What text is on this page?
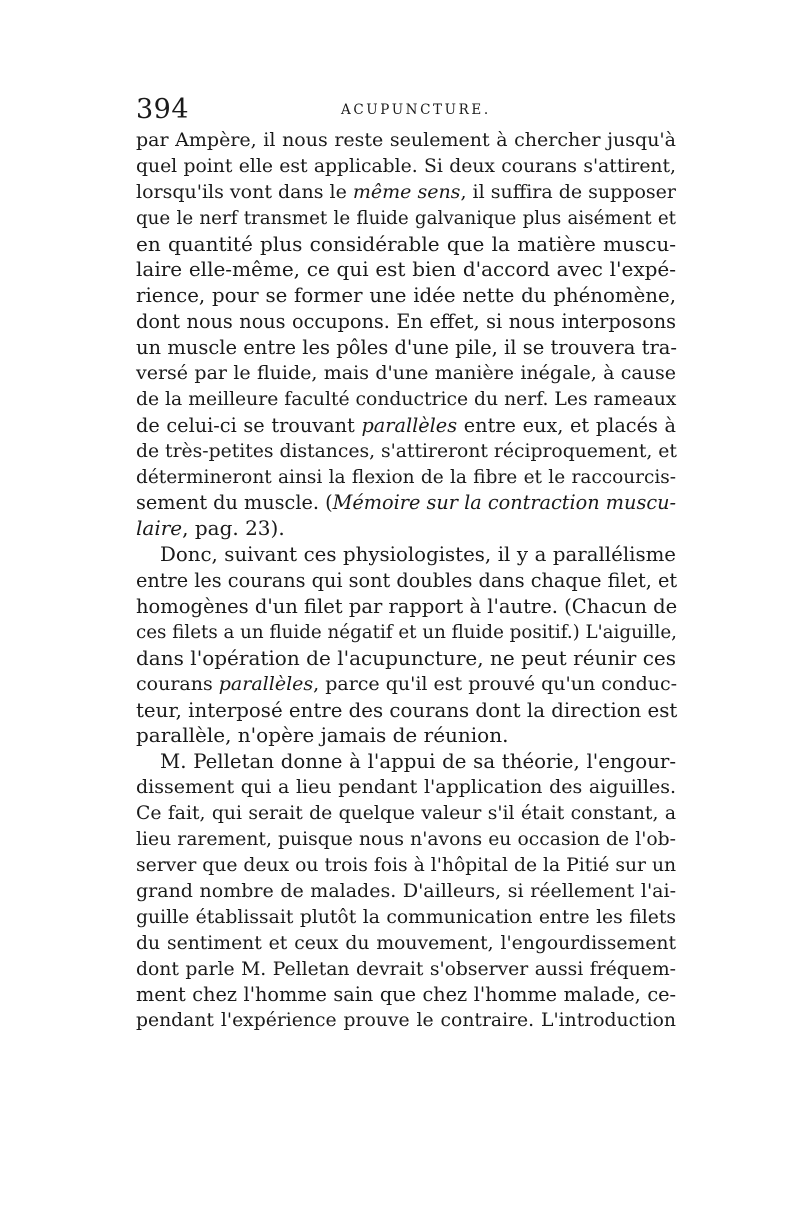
394	ACUPUNCTURE.
par Ampère, il nous reste seulement à chercher jusqu'à
quel point elle est applicable. Si deux courans s'attirent,
lorsqu'ils vont dans le même sens, il suffira de supposer
que le nerf transmet le fluide galvanique plus aisément et
en quantité plus considérable que la matière muscu-
laire elle-même, ce qui est bien d'accord avec l'expé-
rience, pour se former une idée nette du phénomène,
dont nous nous occupons. En effet, si nous interposons
un muscle entre les pôles d'une pile, il se trouvera tra-
versé par le fluide, mais d'une manière inégale, à cause
de la meilleure faculté conductrice du nerf. Les rameaux
de celui-ci se trouvant parallèles entre eux, et placés à
de très-petites distances, s'attireront réciproquement, et
détermineront ainsi la flexion de la fibre et le raccourcis-
sement du muscle. (Mémoire sur la contraction muscu-
laire, pag. 23).
Donc, suivant ces physiologistes, il y a parallélisme
entre les courans qui sont doubles dans chaque filet, et
homogènes d'un filet par rapport à l'autre. (Chacun de
ces filets a un fluide négatif et un fluide positif.) L'aiguille,
dans l'opération de l'acupuncture, ne peut réunir ces
courans parallèles, parce qu'il est prouvé qu'un conduc-
teur, interposé entre des courans dont la direction est
parallèle, n'opère jamais de réunion.
M. Pelletan donne à l'appui de sa théorie, l'engour-
dissement qui a lieu pendant l'application des aiguilles.
Ce fait, qui serait de quelque valeur s'il était constant, a
lieu rarement, puisque nous n'avons eu occasion de l'ob-
server que deux ou trois fois à l'hôpital de la Pitié sur un
grand nombre de malades. D'ailleurs, si réellement l'ai-
guille établissait plutôt la communication entre les filets
du sentiment et ceux du mouvement, l'engourdissement
dont parle M. Pelletan devrait s'observer aussi fréquem-
ment chez l'homme sain que chez l'homme malade, ce-
pendant l'expérience prouve le contraire. L'introduction
